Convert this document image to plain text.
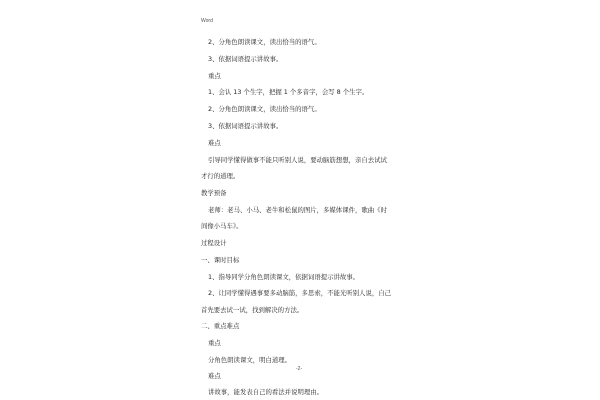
Word
2、分角色朗读课文，读出恰当的语气。
3、依据词语提示讲故事。
重点
1、会认 13 个生字，把握 1 个多音字，会写 8 个生字。
2、分角色朗读课文，读出恰当的语气。
3、依据词语提示讲故事。
难点
引导同学懂得做事不能只听别人说，要动脑筋想想，亲自去试试
才行的道理。
教学预备
老师：老马、小马、老牛和松鼠的图片，多媒体课件，歌曲《时
间像小马车》。
过程设计
一、课时目标
1、指导同学分角色朗读课文，依据词语提示讲故事。
2、让同学懂得遇事要多动脑筋，多思索，不能光听别人说，自己
首先要去试一试，找到解决的方法。
二、重点难点
重点
分角色朗读课文，明白道理。
难点
讲故事，能发表自己的看法并说明理由。
-2-
